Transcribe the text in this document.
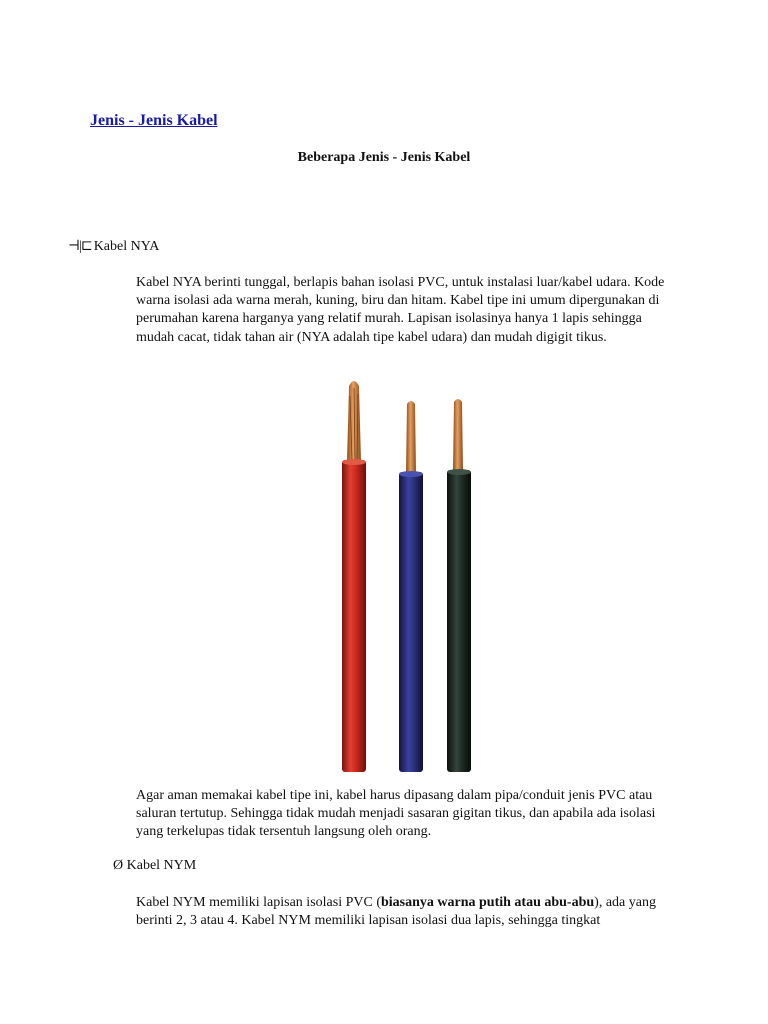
Jenis - Jenis Kabel
Beberapa Jenis - Jenis Kabel
⊣|⊏ Kabel NYA
Kabel NYA berinti tunggal, berlapis bahan isolasi PVC, untuk instalasi luar/kabel udara. Kode warna isolasi ada warna merah, kuning, biru dan hitam. Kabel tipe ini umum dipergunakan di perumahan karena harganya yang relatif murah. Lapisan isolasinya hanya 1 lapis sehingga mudah cacat, tidak tahan air (NYA adalah tipe kabel udara) dan mudah digigit tikus.
Agar aman memakai kabel tipe ini, kabel harus dipasang dalam pipa/conduit jenis PVC atau saluran tertutup. Sehingga tidak mudah menjadi sasaran gigitan tikus, dan apabila ada isolasi yang terkelupas tidak tersentuh langsung oleh orang.
Ø Kabel NYM
Kabel NYM memiliki lapisan isolasi PVC (biasanya warna putih atau abu-abu), ada yang berinti 2, 3 atau 4. Kabel NYM memiliki lapisan isolasi dua lapis, sehingga tingkat
